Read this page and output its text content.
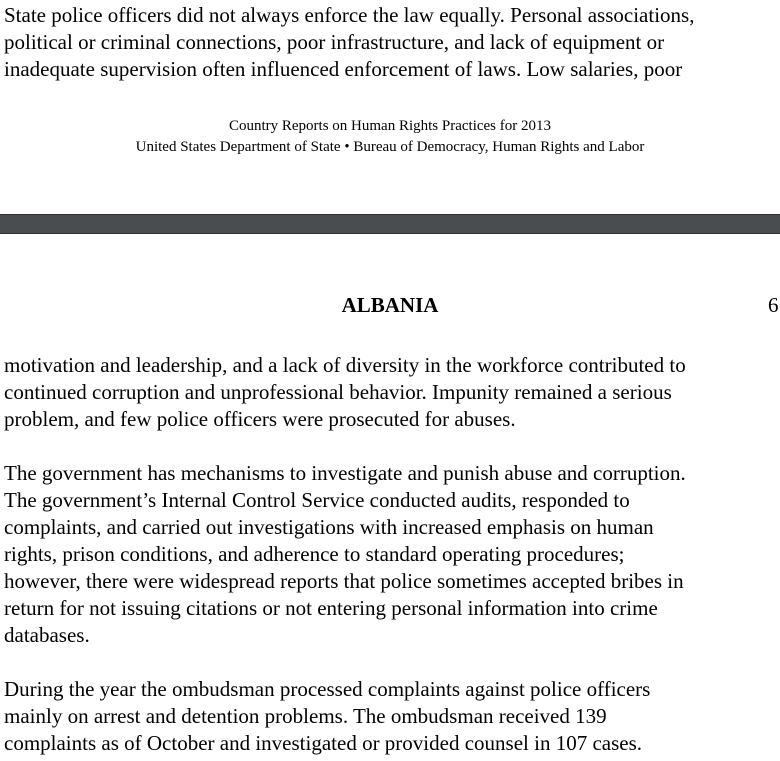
State police officers did not always enforce the law equally. Personal associations,
political or criminal connections, poor infrastructure, and lack of equipment or
inadequate supervision often influenced enforcement of laws. Low salaries, poor

Country Reports on Human Rights Practices for 2013
United States Department of State • Bureau of Democracy, Human Rights and Labor
ALBANIA	6

motivation and leadership, and a lack of diversity in the workforce contributed to
continued corruption and unprofessional behavior. Impunity remained a serious
problem, and few police officers were prosecuted for abuses.

The government has mechanisms to investigate and punish abuse and corruption.
The government’s Internal Control Service conducted audits, responded to
complaints, and carried out investigations with increased emphasis on human
rights, prison conditions, and adherence to standard operating procedures;
however, there were widespread reports that police sometimes accepted bribes in
return for not issuing citations or not entering personal information into crime
databases.

During the year the ombudsman processed complaints against police officers
mainly on arrest and detention problems. The ombudsman received 139
complaints as of October and investigated or provided counsel in 107 cases.
